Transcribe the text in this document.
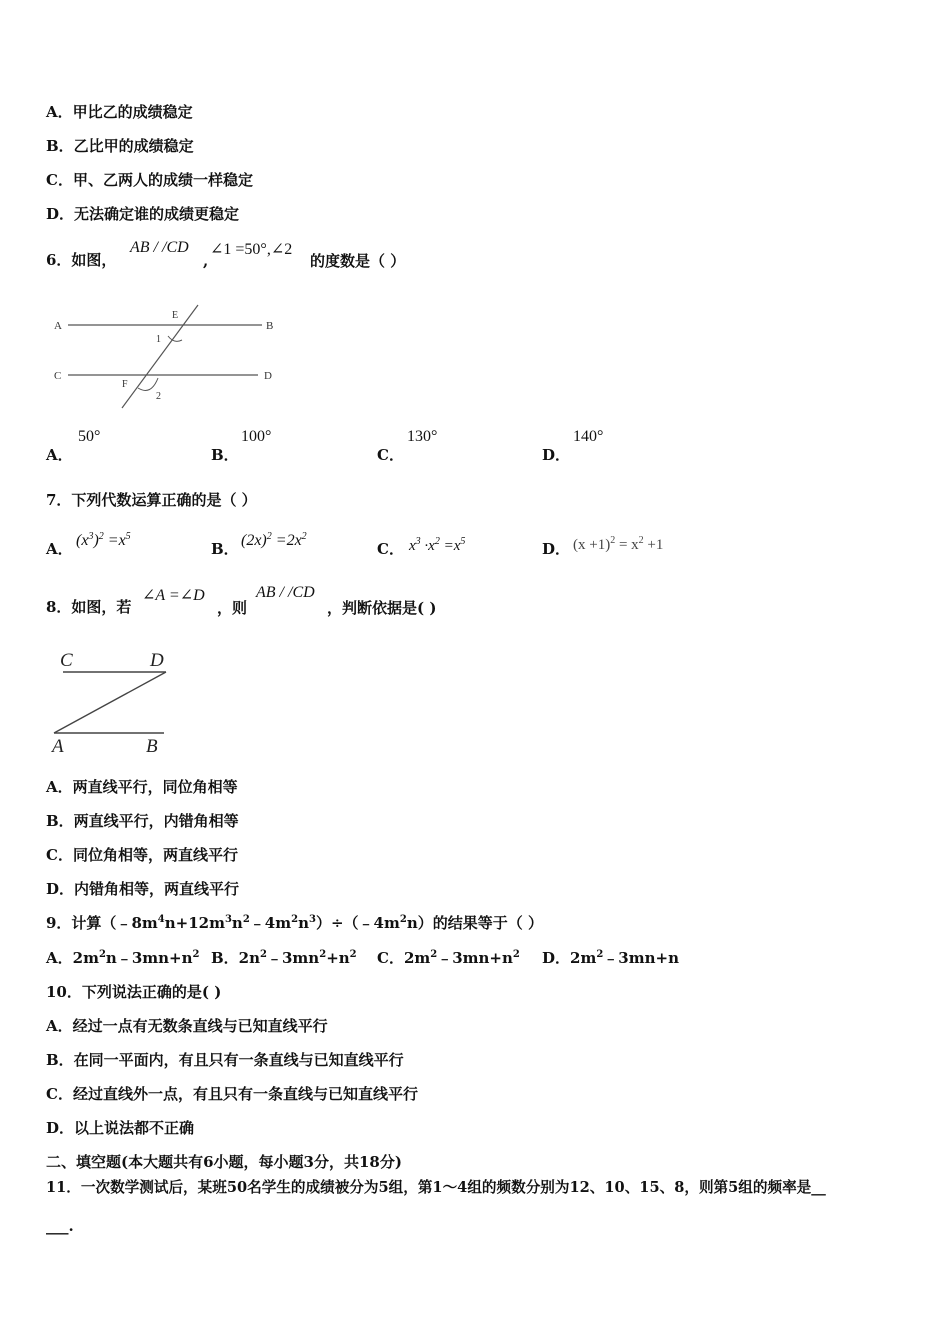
A．甲比乙的成绩稳定
B．乙比甲的成绩稳定
C．甲、乙两人的成绩一样稳定
D．无法确定谁的成绩更稳定
6．如图，
AB / /CD
,
∠1 =50°,∠2
的度数是（ ）
A	B
C	D
E
F
1
2
A．
50°
B．
100°
C．
130°
D．
140°
7．下列代数运算正确的是（ ）
A． $(x^3)^2 =x^5$
B． $(2x)^2 =2x^2$
C． $x^3 \cdot x^2 =x^5$	D． $(x +1)^2 = x^2 +1$
8．如图，若
∠A =∠D
，则
AB / /CD
，判断依据是( )
C	D
A	B
A．两直线平行，同位角相等
B．两直线平行，内错角相等
C．同位角相等，两直线平行
D．内错角相等，两直线平行
9．计算$(﹣8m^4n+12m^3n^2﹣4m^2n^3)\div(﹣4m^2n)$的结果等于（ ）
A．$2m^2n﹣3mn+n^2$ B．$2n^2﹣3mn^2+n^2$ C．$2m^2﹣3mn+n^2$ D．$2m^2﹣3mn+n$
10．下列说法正确的是( )
A．经过一点有无数条直线与已知直线平行
B．在同一平面内，有且只有一条直线与已知直线平行
C．经过直线外一点，有且只有一条直线与已知直线平行
D．以上说法都不正确
二、填空题(本大题共有6小题，每小题3分，共18分)
11．一次数学测试后，某班50名学生的成绩被分为5组，第1～4组的频数分别为12、10、15、8，则第5组的频率是__
___.
